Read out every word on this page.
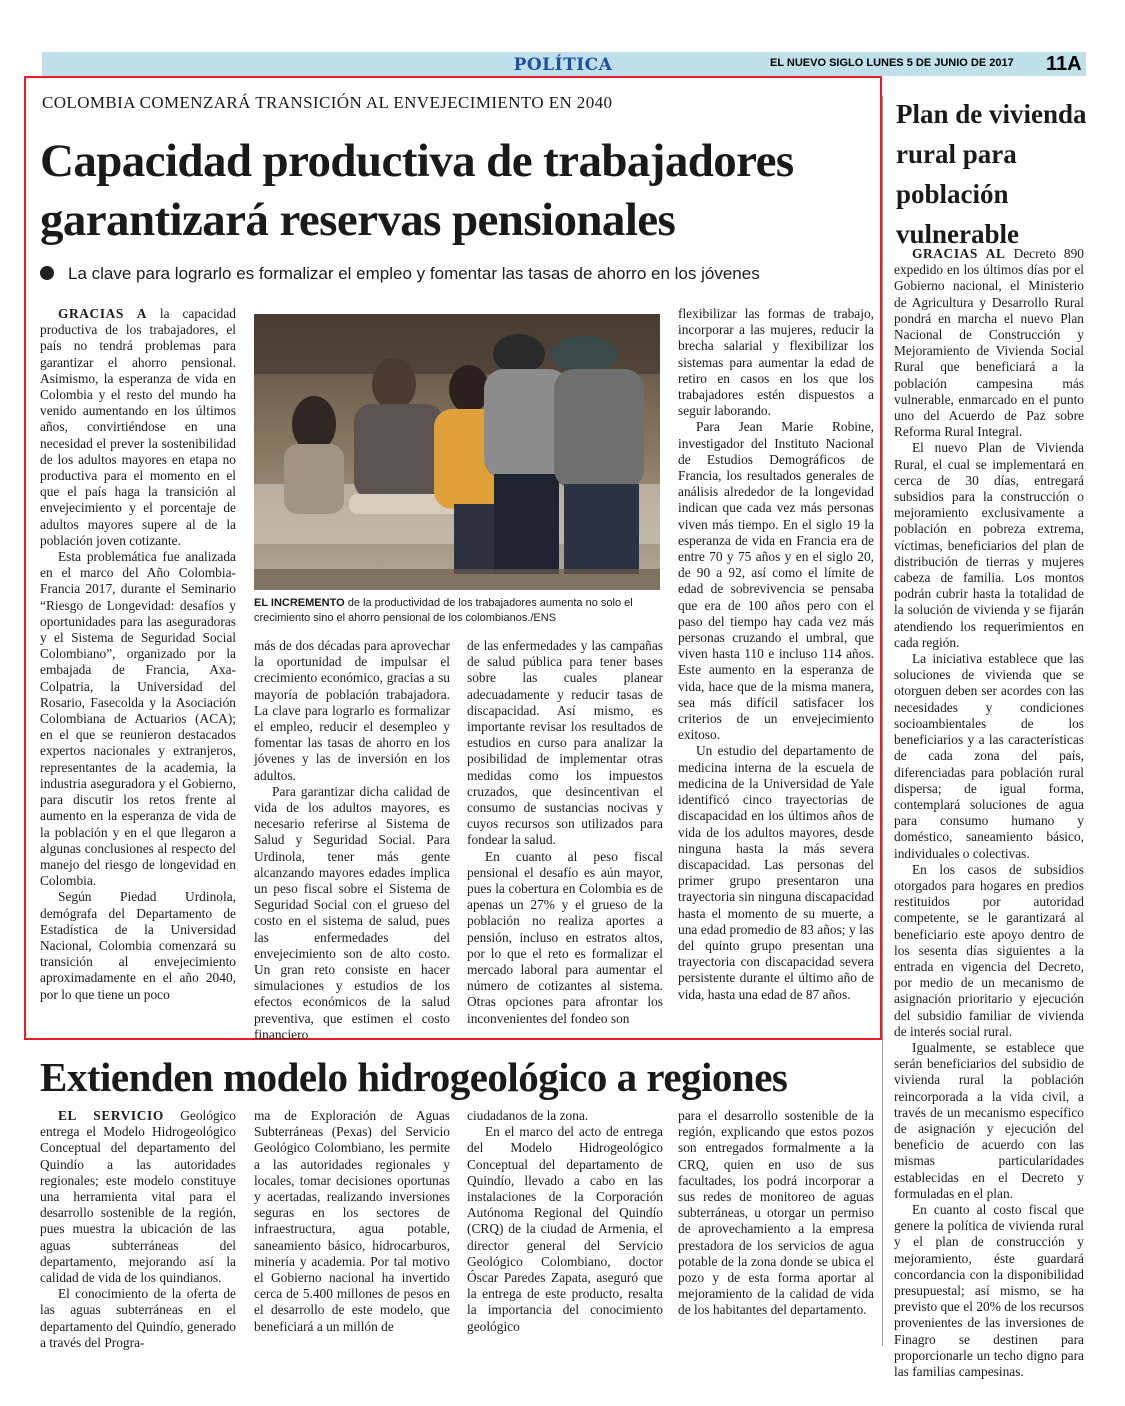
POLÍTICA	EL NUEVO SIGLO LUNES 5 DE JUNIO DE 2017 11A
COLOMBIA COMENZARÁ TRANSICIÓN AL ENVEJECIMIENTO EN 2040
Capacidad productiva de trabajadores
garantizará reservas pensionales
La clave para lograrlo es formalizar el empleo y fomentar las tasas de ahorro en los jóvenes

GRACIAS A la capacidad productiva de los trabajadores, el país no tendrá problemas para garantizar el ahorro pensional. Asimismo, la esperanza de vida en Colombia y el resto del mundo ha venido aumentando en los últimos años, convirtiéndose en una necesidad el prever la sostenibilidad de los adultos mayores en etapa no productiva para el momento en el que el país haga la transición al envejecimiento y el porcentaje de adultos mayores supere al de la población joven cotizante.

Esta problemática fue analizada en el marco del Año Colombia-Francia 2017, durante el Seminario “Riesgo de Longevidad: desafíos y oportunidades para las aseguradoras y el Sistema de Seguridad Social Colombiano”, organizado por la embajada de Francia, Axa-Colpatria, la Universidad del Rosario, Fasecolda y la Asociación Colombiana de Actuarios (ACA); en el que se reunieron destacados expertos nacionales y extranjeros, representantes de la academia, la industria aseguradora y el Gobierno, para discutir los retos frente al aumento en la esperanza de vida de la población y en el que llegaron a algunas conclusiones al respecto del manejo del riesgo de longevidad en Colombia.

Según Piedad Urdinola, demógrafa del Departamento de Estadística de la Universidad Nacional, Colombia comenzará su transición al envejecimiento aproximadamente en el año 2040, por lo que tiene un poco

EL INCREMENTO de la productividad de los trabajadores aumenta no solo el crecimiento sino el ahorro pensional de los colombianos./ENS

más de dos décadas para aprovechar la oportunidad de impulsar el crecimiento económico, gracias a su mayoría de población trabajadora. La clave para lograrlo es formalizar el empleo, reducir el desempleo y fomentar las tasas de ahorro en los jóvenes y las de inversión en los adultos.

Para garantizar dicha calidad de vida de los adultos mayores, es necesario referirse al Sistema de Salud y Seguridad Social. Para Urdinola, tener más gente alcanzando mayores edades implica un peso fiscal sobre el Sistema de Seguridad Social con el grueso del costo en el sistema de salud, pues las enfermedades del envejecimiento son de alto costo. Un gran reto consiste en hacer simulaciones y estudios de los efectos económicos de la salud preventiva, que estimen el costo financiero

de las enfermedades y las campañas de salud pública para tener bases sobre las cuales planear adecuadamente y reducir tasas de discapacidad. Así mismo, es importante revisar los resultados de estudios en curso para analizar la posibilidad de implementar otras medidas como los impuestos cruzados, que desincentivan el consumo de sustancias nocivas y cuyos recursos son utilizados para fondear la salud.

En cuanto al peso fiscal pensional el desafío es aún mayor, pues la cobertura en Colombia es de apenas un 27% y el grueso de la población no realiza aportes a pensión, incluso en estratos altos, por lo que el reto es formalizar el mercado laboral para aumentar el número de cotizantes al sistema. Otras opciones para afrontar los inconvenientes del fondeo son

flexibilizar las formas de trabajo, incorporar a las mujeres, reducir la brecha salarial y flexibilizar los sistemas para aumentar la edad de retiro en casos en los que los trabajadores estén dispuestos a seguir laborando.

Para Jean Marie Robine, investigador del Instituto Nacional de Estudios Demográficos de Francia, los resultados generales de análisis alrededor de la longevidad indican que cada vez más personas viven más tiempo. En el siglo 19 la esperanza de vida en Francia era de entre 70 y 75 años y en el siglo 20, de 90 a 92, así como el límite de edad de sobrevivencia se pensaba que era de 100 años pero con el paso del tiempo hay cada vez más personas cruzando el umbral, que viven hasta 110 e incluso 114 años. Este aumento en la esperanza de vida, hace que de la misma manera, sea más difícil satisfacer los criterios de un envejecimiento exitoso.

Un estudio del departamento de medicina interna de la escuela de medicina de la Universidad de Yale identificó cinco trayectorias de discapacidad en los últimos años de vida de los adultos mayores, desde ninguna hasta la más severa discapacidad. Las personas del primer grupo presentaron una trayectoria sin ninguna discapacidad hasta el momento de su muerte, a una edad promedio de 83 años; y las del quinto grupo presentan una trayectoria con discapacidad severa persistente durante el último año de vida, hasta una edad de 87 años.

Plan de vivienda rural para población vulnerable

GRACIAS AL Decreto 890 expedido en los últimos días por el Gobierno nacional, el Ministerio de Agricultura y Desarrollo Rural pondrá en marcha el nuevo Plan Nacional de Construcción y Mejoramiento de Vivienda Social Rural que beneficiará a la población campesina más vulnerable, enmarcado en el punto uno del Acuerdo de Paz sobre Reforma Rural Integral.

El nuevo Plan de Vivienda Rural, el cual se implementará en cerca de 30 días, entregará subsidios para la construcción o mejoramiento exclusivamente a población en pobreza extrema, víctimas, beneficiarios del plan de distribución de tierras y mujeres cabeza de familia. Los montos podrán cubrir hasta la totalidad de la solución de vivienda y se fijarán atendiendo los requerimientos en cada región.

La iniciativa establece que las soluciones de vivienda que se otorguen deben ser acordes con las necesidades y condiciones socioambientales de los beneficiarios y a las características de cada zona del país, diferenciadas para población rural dispersa; de igual forma, contemplará soluciones de agua para consumo humano y doméstico, saneamiento básico, individuales o colectivas.

En los casos de subsidios otorgados para hogares en predios restituidos por autoridad competente, se le garantizará al beneficiario este apoyo dentro de los sesenta días siguientes a la entrada en vigencia del Decreto, por medio de un mecanismo de asignación prioritario y ejecución del subsidio familiar de vivienda de interés social rural.

Igualmente, se establece que serán beneficiarios del subsidio de vivienda rural la población reincorporada a la vida civil, a través de un mecanismo específico de asignación y ejecución del beneficio de acuerdo con las mismas particularidades establecidas en el Decreto y formuladas en el plan.

En cuanto al costo fiscal que genere la política de vivienda rural y el plan de construcción y mejoramiento, éste guardará concordancia con la disponibilidad presupuestal; así mismo, se ha previsto que el 20% de los recursos provenientes de las inversiones de Finagro se destinen para proporcionarle un techo digno para las familias campesinas.

Extienden modelo hidrogeológico a regiones

EL SERVICIO Geológico entrega el Modelo Hidrogeológico Conceptual del departamento del Quindío a las autoridades regionales; este modelo constituye una herramienta vital para el desarrollo sostenible de la región, pues muestra la ubicación de las aguas subterráneas del departamento, mejorando así la calidad de vida de los quindianos.

El conocimiento de la oferta de las aguas subterráneas en el departamento del Quindío, generado a través del Progra-

ma de Exploración de Aguas Subterráneas (Pexas) del Servicio Geológico Colombiano, les permite a las autoridades regionales y locales, tomar decisiones oportunas y acertadas, realizando inversiones seguras en los sectores de infraestructura, agua potable, saneamiento básico, hidrocarburos, minería y academia. Por tal motivo el Gobierno nacional ha invertido cerca de 5.400 millones de pesos en el desarrollo de este modelo, que beneficiará a un millón de

ciudadanos de la zona.

En el marco del acto de entrega del Modelo Hidrogeológico Conceptual del departamento de Quindío, llevado a cabo en las instalaciones de la Corporación Autónoma Regional del Quindío (CRQ) de la ciudad de Armenia, el director general del Servicio Geológico Colombiano, doctor Óscar Paredes Zapata, aseguró que la entrega de este producto, resalta la importancia del conocimiento geológico

para el desarrollo sostenible de la región, explicando que estos pozos son entregados formalmente a la CRQ, quien en uso de sus facultades, los podrá incorporar a sus redes de monitoreo de aguas subterráneas, u otorgar un permiso de aprovechamiento a la empresa prestadora de los servicios de agua potable de la zona donde se ubica el pozo y de esta forma aportar al mejoramiento de la calidad de vida de los habitantes del departamento.
